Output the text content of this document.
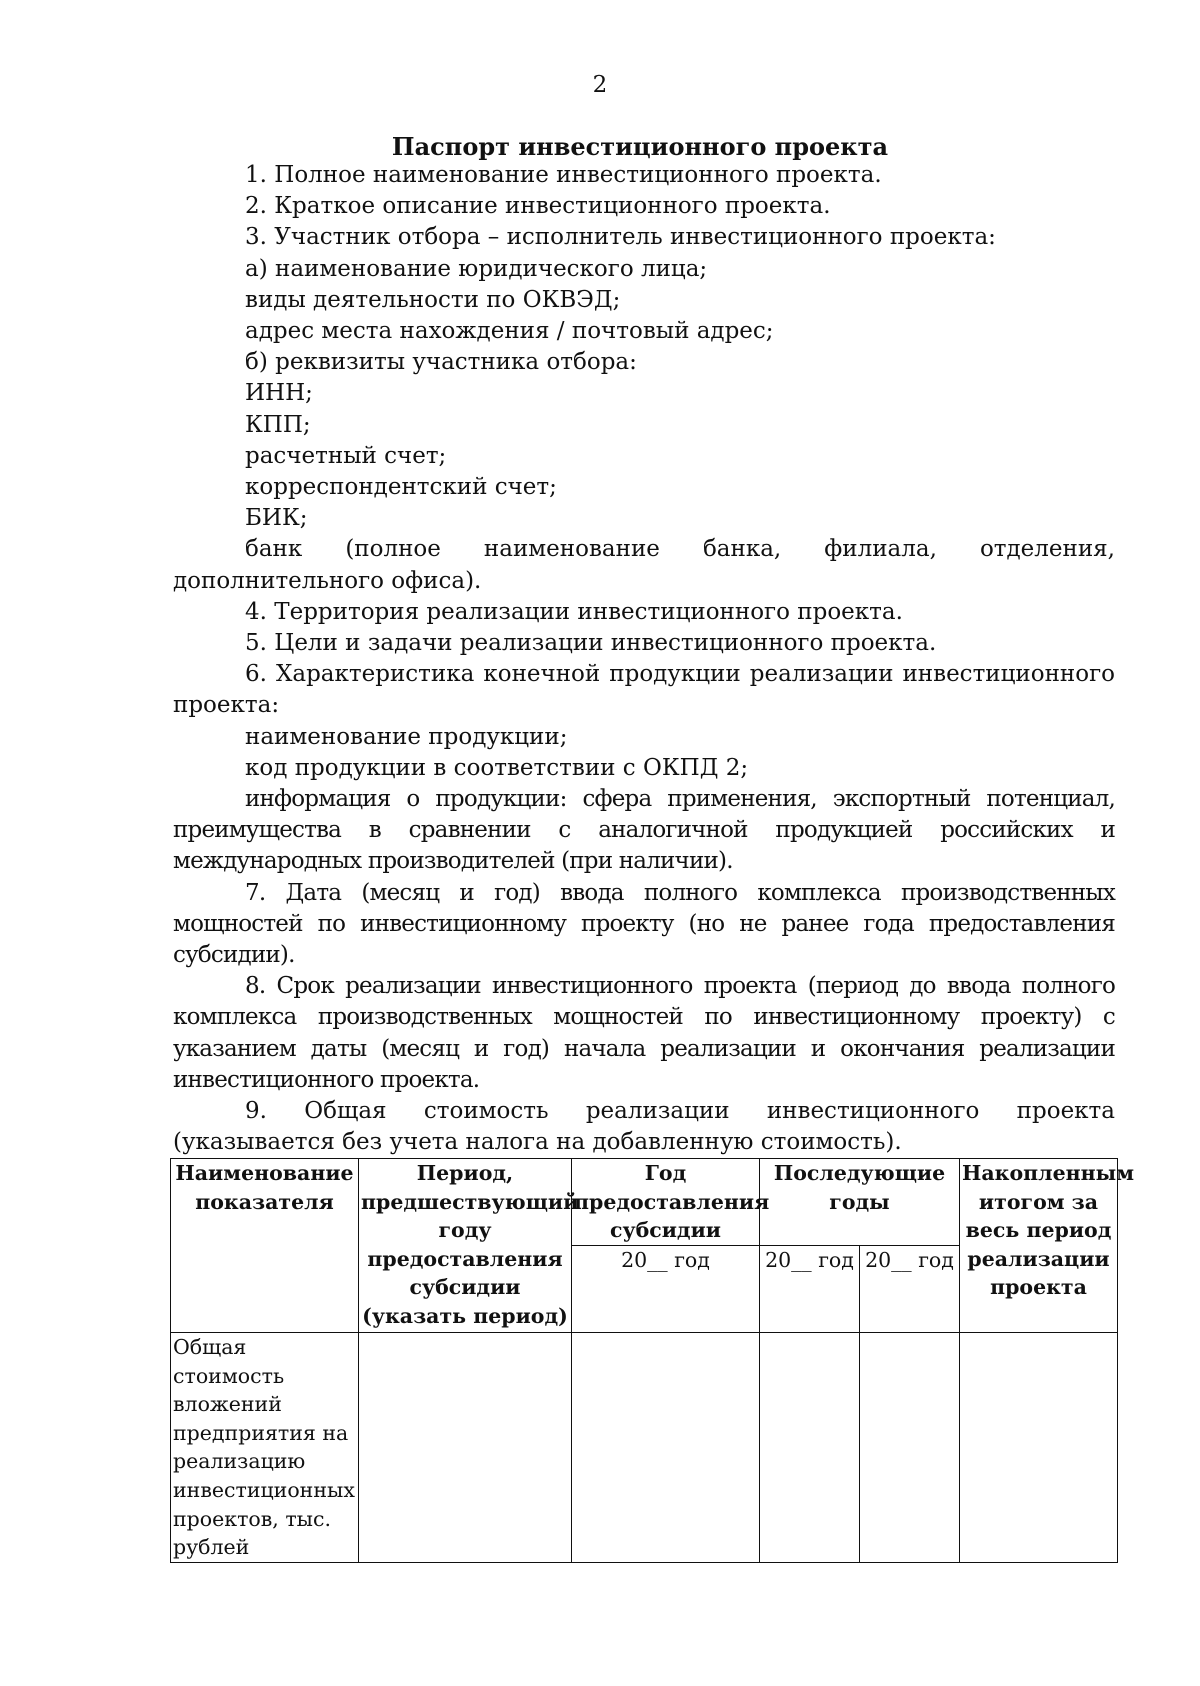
2
Паспорт инвестиционного проекта

1. Полное наименование инвестиционного проекта.

2. Краткое описание инвестиционного проекта.

3. Участник отбора – исполнитель инвестиционного проекта:

а) наименование юридического лица;

виды деятельности по ОКВЭД;

адрес места нахождения / почтовый адрес;

б) реквизиты участника отбора:

ИНН;

КПП;

расчетный счет;

корреспондентский счет;

БИК;

банк (полное наименование банка, филиала, отделения, дополнительного офиса).

4. Территория реализации инвестиционного проекта.

5. Цели и задачи реализации инвестиционного проекта.

6. Характеристика конечной продукции реализации инвестиционного проекта:

наименование продукции;

код продукции в соответствии с ОКПД 2;

информация о продукции: сфера применения, экспортный потенциал, преимущества в сравнении с аналогичной продукцией российских и международных производителей (при наличии).

7. Дата (месяц и год) ввода полного комплекса производственных мощностей по инвестиционному проекту (но не ранее года предоставления субсидии).

8. Срок реализации инвестиционного проекта (период до ввода полного комплекса производственных мощностей по инвестиционному проекту) с указанием даты (месяц и год) начала реализации и окончания реализации инвестиционного проекта.

9. Общая стоимость реализации инвестиционного проекта (указывается без учета налога на добавленную стоимость).

Наименование показателя	Период, предшествующий году предоставления субсидии (указать период)	Год предоставления субсидии	Последующие годы		Накопленным итогом за весь период реализации проекта
		20__ год	20__ год	20__ год	
Общая стоимость вложений предприятия на реализацию инвестиционных проектов, тыс. рублей					
